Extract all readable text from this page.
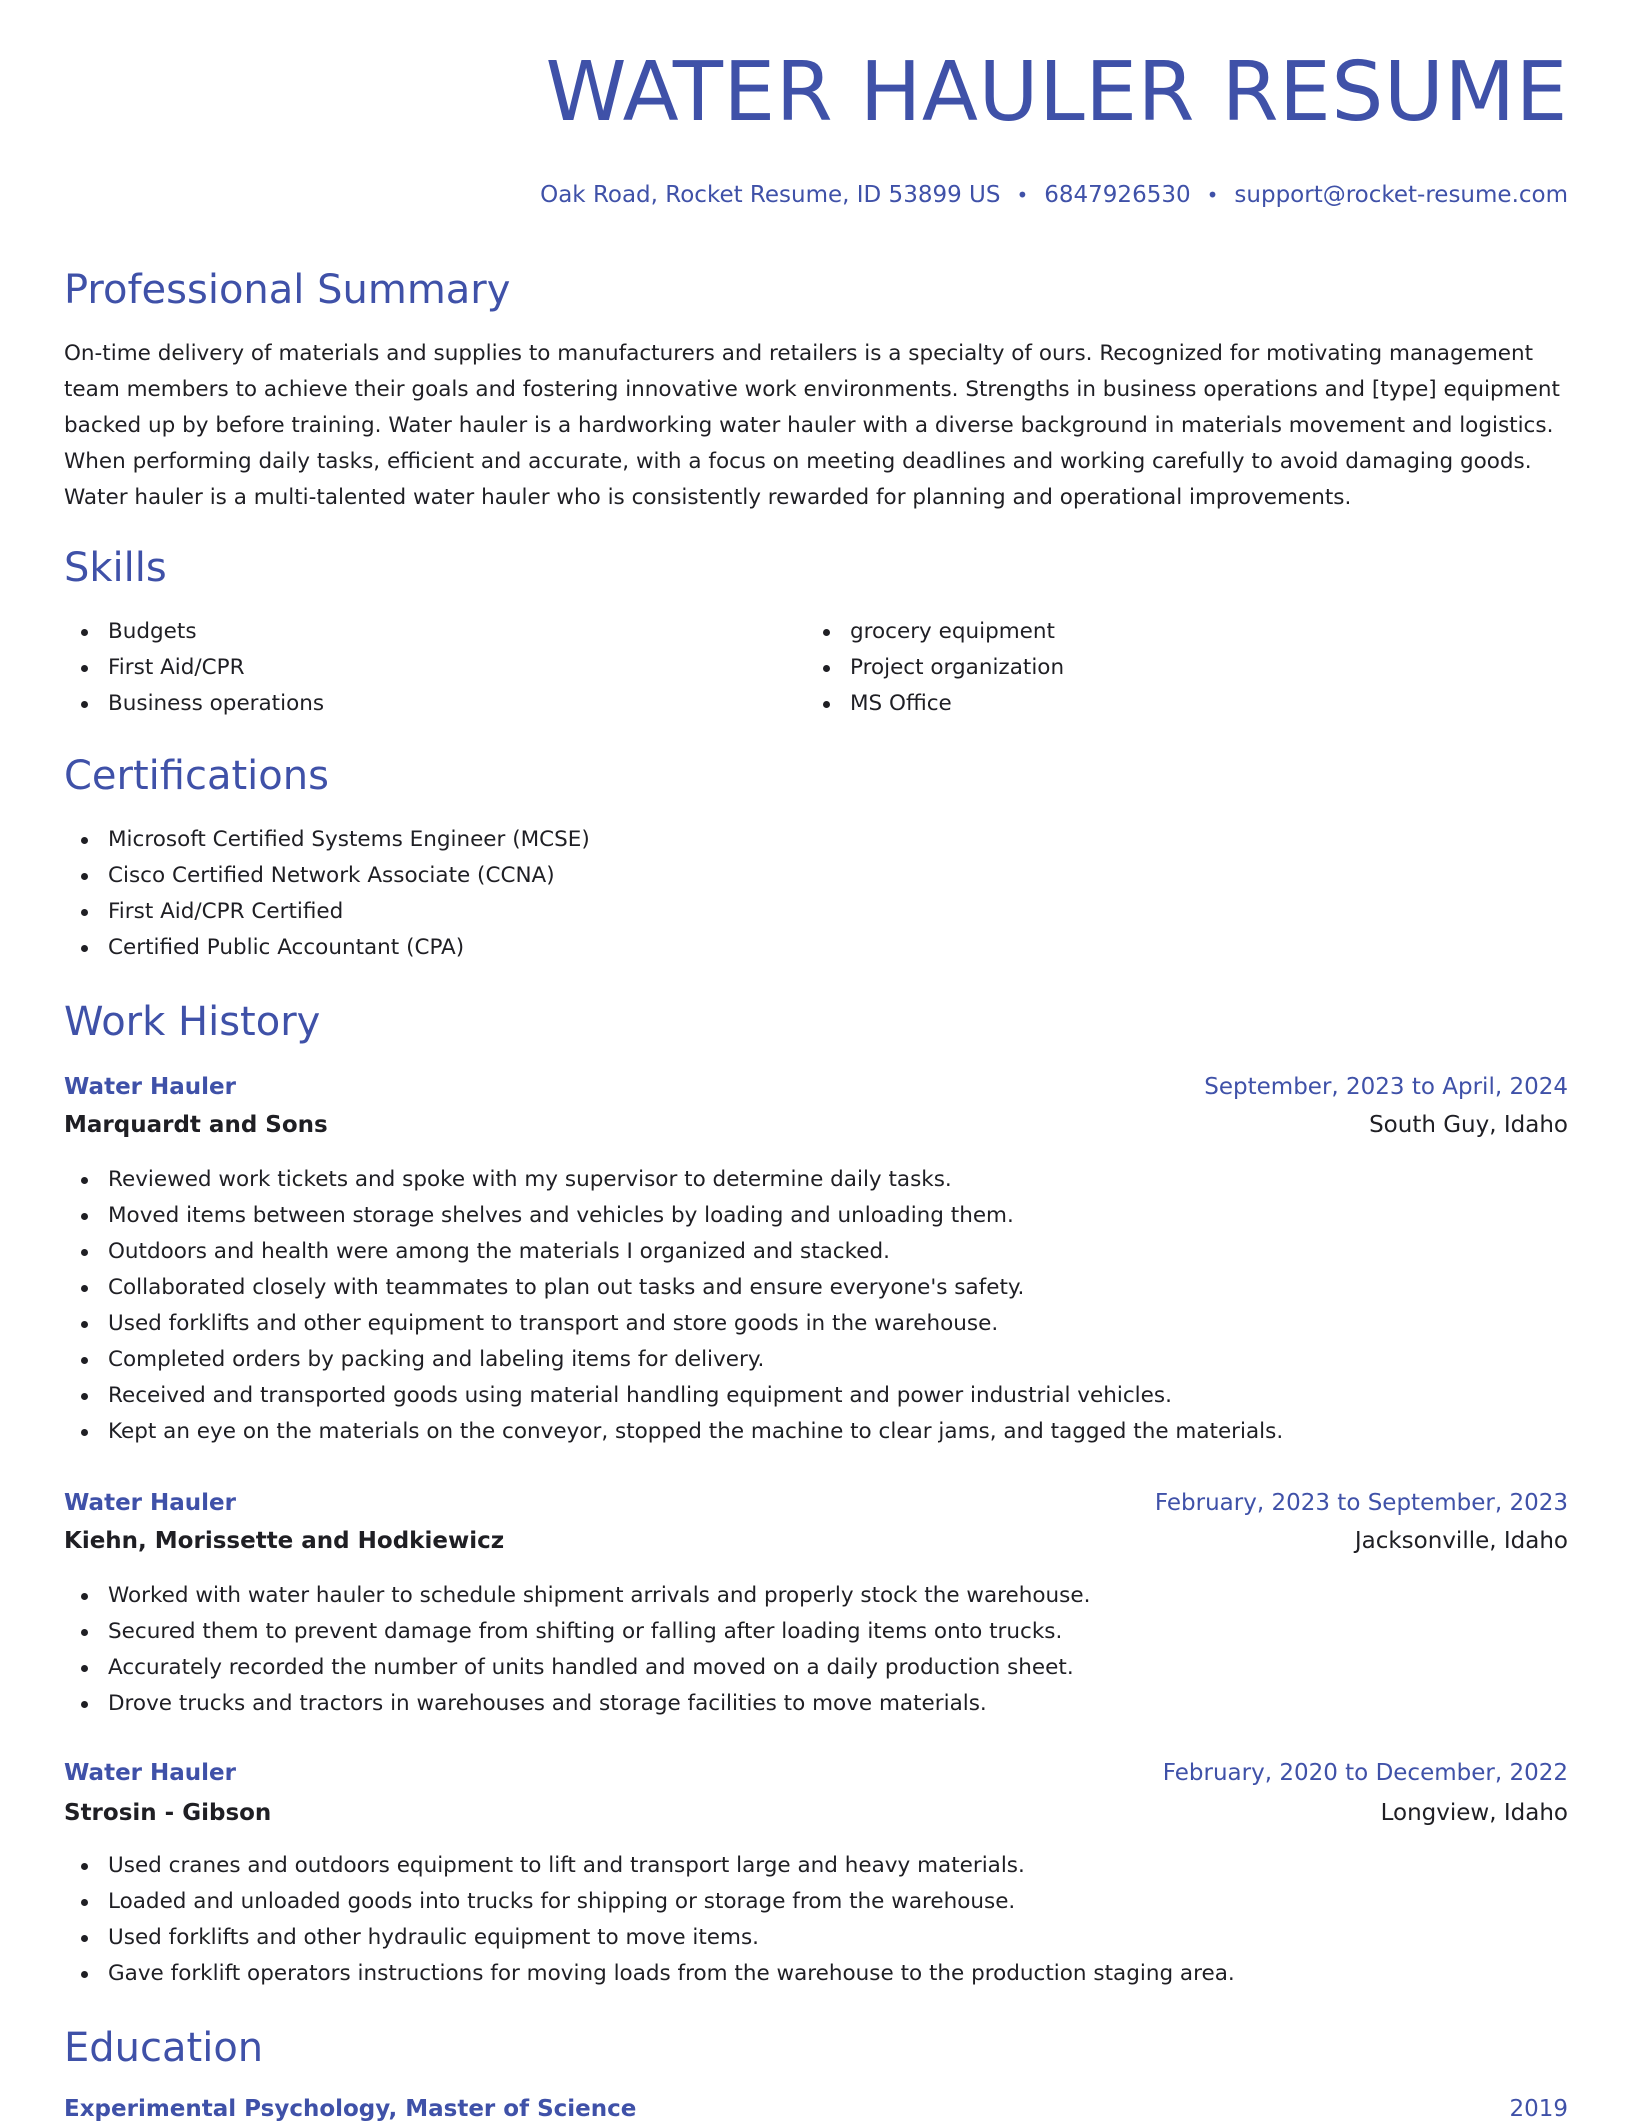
WATER HAULER RESUME
Oak Road, Rocket Resume, ID 53899 US • 6847926530 • support@rocket-resume.com
Professional Summary

On-time delivery of materials and supplies to manufacturers and retailers is a specialty of ours. Recognized for motivating management team members to achieve their goals and fostering innovative work environments. Strengths in business operations and [type] equipment backed up by before training. Water hauler is a hardworking water hauler with a diverse background in materials movement and logistics. When performing daily tasks, efficient and accurate, with a focus on meeting deadlines and working carefully to avoid damaging goods. Water hauler is a multi-talented water hauler who is consistently rewarded for planning and operational improvements.

Skills
Budgets
First Aid/CPR
Business operations
grocery equipment
Project organization
MS Office
Certifications
Microsoft Certified Systems Engineer (MCSE)
Cisco Certified Network Associate (CCNA)
First Aid/CPR Certified
Certified Public Accountant (CPA)
Work History
Water Hauler	September, 2023 to April, 2024
Marquardt and Sons	South Guy, Idaho
Reviewed work tickets and spoke with my supervisor to determine daily tasks.
Moved items between storage shelves and vehicles by loading and unloading them.
Outdoors and health were among the materials I organized and stacked.
Collaborated closely with teammates to plan out tasks and ensure everyone's safety.
Used forklifts and other equipment to transport and store goods in the warehouse.
Completed orders by packing and labeling items for delivery.
Received and transported goods using material handling equipment and power industrial vehicles.
Kept an eye on the materials on the conveyor, stopped the machine to clear jams, and tagged the materials.
Water Hauler	February, 2023 to September, 2023
Kiehn, Morissette and Hodkiewicz	Jacksonville, Idaho
Worked with water hauler to schedule shipment arrivals and properly stock the warehouse.
Secured them to prevent damage from shifting or falling after loading items onto trucks.
Accurately recorded the number of units handled and moved on a daily production sheet.
Drove trucks and tractors in warehouses and storage facilities to move materials.
Water Hauler	February, 2020 to December, 2022
Strosin - Gibson	Longview, Idaho
Used cranes and outdoors equipment to lift and transport large and heavy materials.
Loaded and unloaded goods into trucks for shipping or storage from the warehouse.
Used forklifts and other hydraulic equipment to move items.
Gave forklift operators instructions for moving loads from the warehouse to the production staging area.
Education
Experimental Psychology, Master of Science	2019
